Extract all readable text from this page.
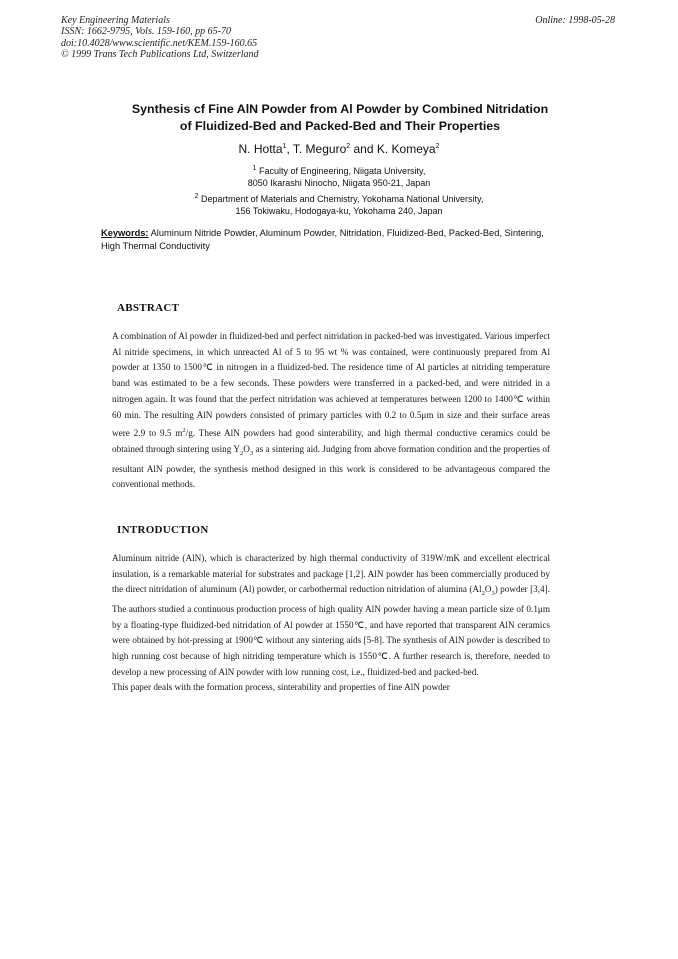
Key Engineering Materials
ISSN: 1662-9795, Vols. 159-160, pp 65-70
doi:10.4028/www.scientific.net/KEM.159-160.65
© 1999 Trans Tech Publications Ltd, Switzerland
Online: 1998-05-28
Synthesis cf Fine AlN Powder from Al Powder by Combined Nitridation
of Fluidized-Bed and Packed-Bed and Their Properties
N. Hotta$^1$, T. Meguro$^2$ and K. Komeya$^2$
$^1$ Faculty of Engineering, Niigata University,
8050 Ikarashi Ninocho, Niigata 950-21, Japan
$^2$ Department of Materials and Chemistry, Yokohama National University,
156 Tokiwaku, Hodogaya-ku, Yokohama 240, Japan
Keywords: Aluminum Nitride Powder, Aluminum Powder, Nitridation, Fluidized-Bed, Packed-Bed, Sintering, High Thermal Conductivity
ABSTRACT

A combination of Al powder in fluidized-bed and perfect nitridation in packed-bed was investigated. Various imperfect Al nitride specimens, in which unreacted Al of 5 to 95 wt % was contained, were continuously prepared from Al powder at 1350 to 1500℃ in nitrogen in a fluidized-bed. The residence time of Al particles at nitriding temperature band was estimated to be a few seconds. These powders were transferred in a packed-bed, and were nitrided in a nitrogen again. It was found that the perfect nitridation was achieved at temperatures between 1200 to 1400℃ within 60 min. The resulting AlN powders consisted of primary particles with 0.2 to 0.5μm in size and their surface areas were 2.9 to 9.5 $m^2/g$. These AlN powders had good sinterability, and high thermal conductive ceramics could be obtained through sintering using $Y_2O_3$ as a sintering aid. Judging from above formation condition and the properties of resultant AlN powder, the synthesis method designed in this work is considered to be advantageous compared the conventional methods.

INTRODUCTION

Aluminum nitride (AlN), which is characterized by high thermal conductivity of 319W/mK and excellent electrical insulation, is a remarkable material for substrates and package [1,2]. AlN powder has been commercially produced by the direct nitridation of aluminum (Al) powder, or carbothermal reduction nitridation of alumina $(Al_2O_3)$ powder [3,4]. The authors studied a continuous production process of high quality AlN powder having a mean particle size of 0.1μm by a floating-type fluidized-bed nitridation of Al powder at 1550℃, and have reported that transparent AlN ceramics were obtained by hot-pressing at 1900℃ without any sintering aids [5-8]. The synthesis of AlN powder is described to high running cost because of high nitriding temperature which is 1550℃. A further research is, therefore, needed to develop a new processing of AlN powder with low running cost, i.e., fluidized-bed and packed-bed.

This paper deals with the formation process, sinterability and properties of fine AlN powder
